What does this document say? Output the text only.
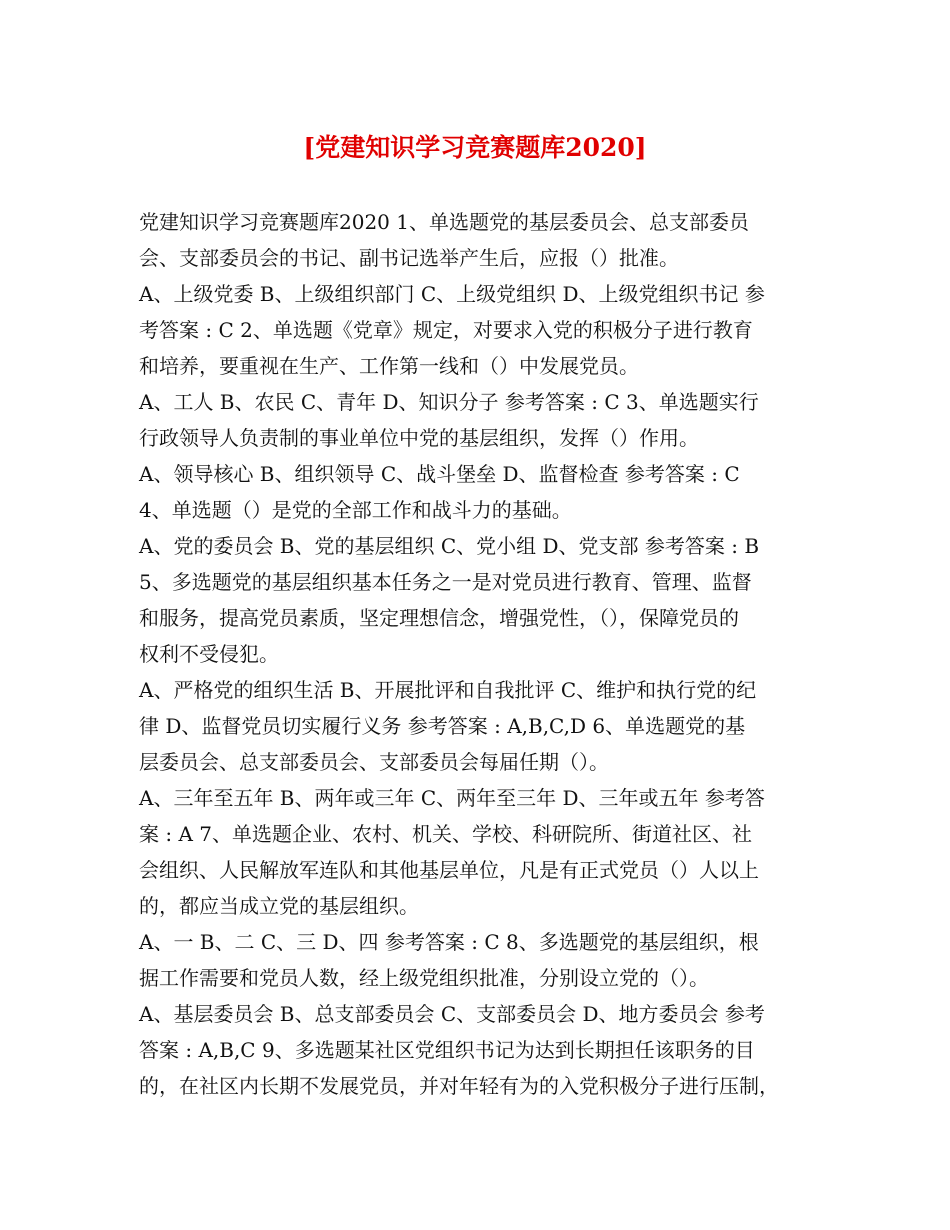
[党建知识学习竞赛题库2020]
党建知识学习竞赛题库2020 1、单选题党的基层委员会、总支部委员
会、支部委员会的书记、副书记选举产生后，应报（）批准。
A、上级党委 B、上级组织部门 C、上级党组织 D、上级党组织书记 参
考答案 : C 2、单选题《党章》规定，对要求入党的积极分子进行教育
和培养，要重视在生产、工作第一线和（）中发展党员。
A、工人 B、农民 C、青年 D、知识分子 参考答案 : C 3、单选题实行
行政领导人负责制的事业单位中党的基层组织，发挥（）作用。
A、领导核心 B、组织领导 C、战斗堡垒 D、监督检查 参考答案 : C
4、单选题（）是党的全部工作和战斗力的基础。
A、党的委员会 B、党的基层组织 C、党小组 D、党支部 参考答案 : B
5、多选题党的基层组织基本任务之一是对党员进行教育、管理、监督
和服务，提高党员素质，坚定理想信念，增强党性，（），保障党员的
权利不受侵犯。
A、严格党的组织生活 B、开展批评和自我批评 C、维护和执行党的纪
律 D、监督党员切实履行义务 参考答案 : A,B,C,D 6、单选题党的基
层委员会、总支部委员会、支部委员会每届任期（）。
A、三年至五年 B、两年或三年 C、两年至三年 D、三年或五年 参考答
案 : A 7、单选题企业、农村、机关、学校、科研院所、街道社区、社
会组织、人民解放军连队和其他基层单位，凡是有正式党员（）人以上
的，都应当成立党的基层组织。
A、一 B、二 C、三 D、四 参考答案 : C 8、多选题党的基层组织，根
据工作需要和党员人数，经上级党组织批准，分别设立党的（）。
A、基层委员会 B、总支部委员会 C、支部委员会 D、地方委员会 参考
答案 : A,B,C 9、多选题某社区党组织书记为达到长期担任该职务的目
的，在社区内长期不发展党员，并对年轻有为的入党积极分子进行压制，
